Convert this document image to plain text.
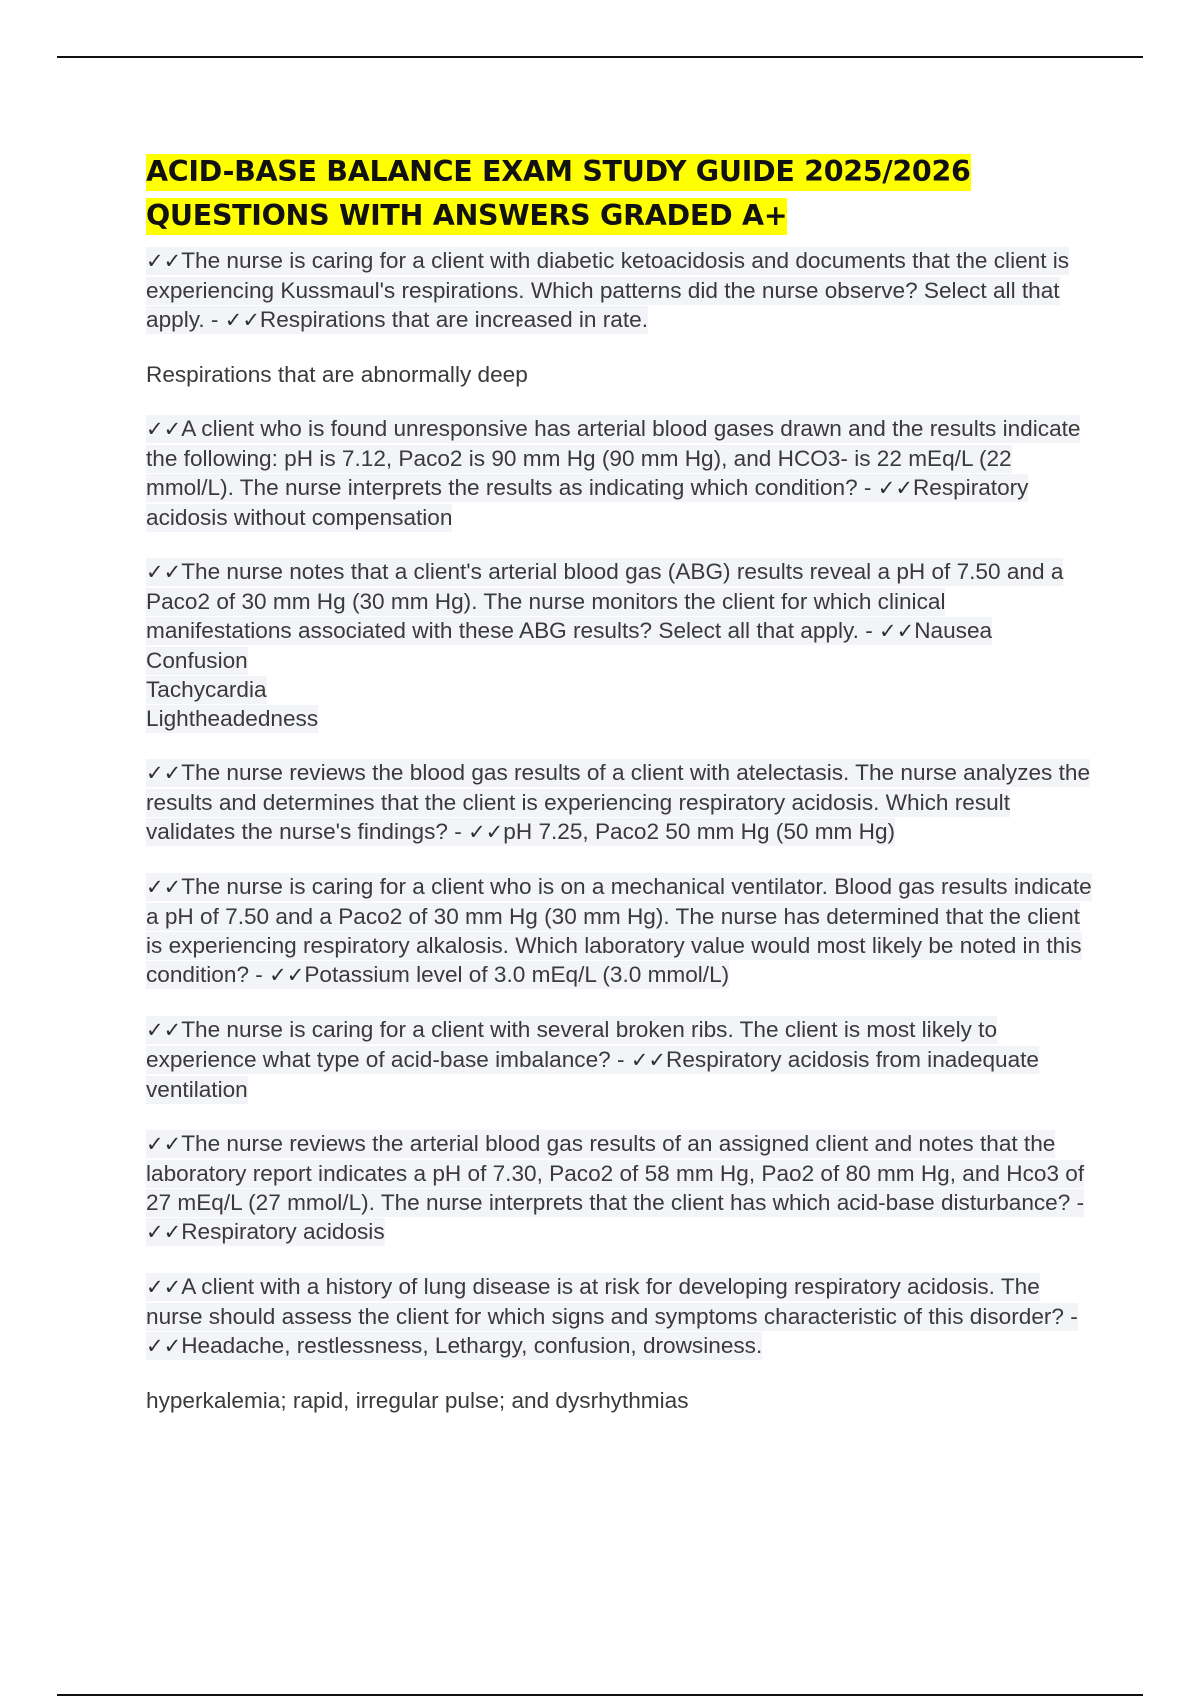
ACID-BASE BALANCE EXAM STUDY GUIDE 2025/2026
QUESTIONS WITH ANSWERS GRADED A+
✓✓The nurse is caring for a client with diabetic ketoacidosis and documents that the client is experiencing Kussmaul's respirations. Which patterns did the nurse observe? Select all that apply. - ✓✓Respirations that are increased in rate.
Respirations that are abnormally deep
✓✓A client who is found unresponsive has arterial blood gases drawn and the results indicate the following: pH is 7.12, Paco2 is 90 mm Hg (90 mm Hg), and HCO3- is 22 mEq/L (22 mmol/L). The nurse interprets the results as indicating which condition? - ✓✓Respiratory acidosis without compensation
✓✓The nurse notes that a client's arterial blood gas (ABG) results reveal a pH of 7.50 and a Paco2 of 30 mm Hg (30 mm Hg). The nurse monitors the client for which clinical manifestations associated with these ABG results? Select all that apply. - ✓✓Nausea
Confusion
Tachycardia
Lightheadedness
✓✓The nurse reviews the blood gas results of a client with atelectasis. The nurse analyzes the results and determines that the client is experiencing respiratory acidosis. Which result validates the nurse's findings? - ✓✓pH 7.25, Paco2 50 mm Hg (50 mm Hg)
✓✓The nurse is caring for a client who is on a mechanical ventilator. Blood gas results indicate a pH of 7.50 and a Paco2 of 30 mm Hg (30 mm Hg). The nurse has determined that the client is experiencing respiratory alkalosis. Which laboratory value would most likely be noted in this condition? - ✓✓Potassium level of 3.0 mEq/L (3.0 mmol/L)
✓✓The nurse is caring for a client with several broken ribs. The client is most likely to experience what type of acid-base imbalance? - ✓✓Respiratory acidosis from inadequate ventilation
✓✓The nurse reviews the arterial blood gas results of an assigned client and notes that the laboratory report indicates a pH of 7.30, Paco2 of 58 mm Hg, Pao2 of 80 mm Hg, and Hco3 of 27 mEq/L (27 mmol/L). The nurse interprets that the client has which acid-base disturbance? - ✓✓Respiratory acidosis
✓✓A client with a history of lung disease is at risk for developing respiratory acidosis. The nurse should assess the client for which signs and symptoms characteristic of this disorder? - ✓✓Headache, restlessness, Lethargy, confusion, drowsiness.
hyperkalemia; rapid, irregular pulse; and dysrhythmias
